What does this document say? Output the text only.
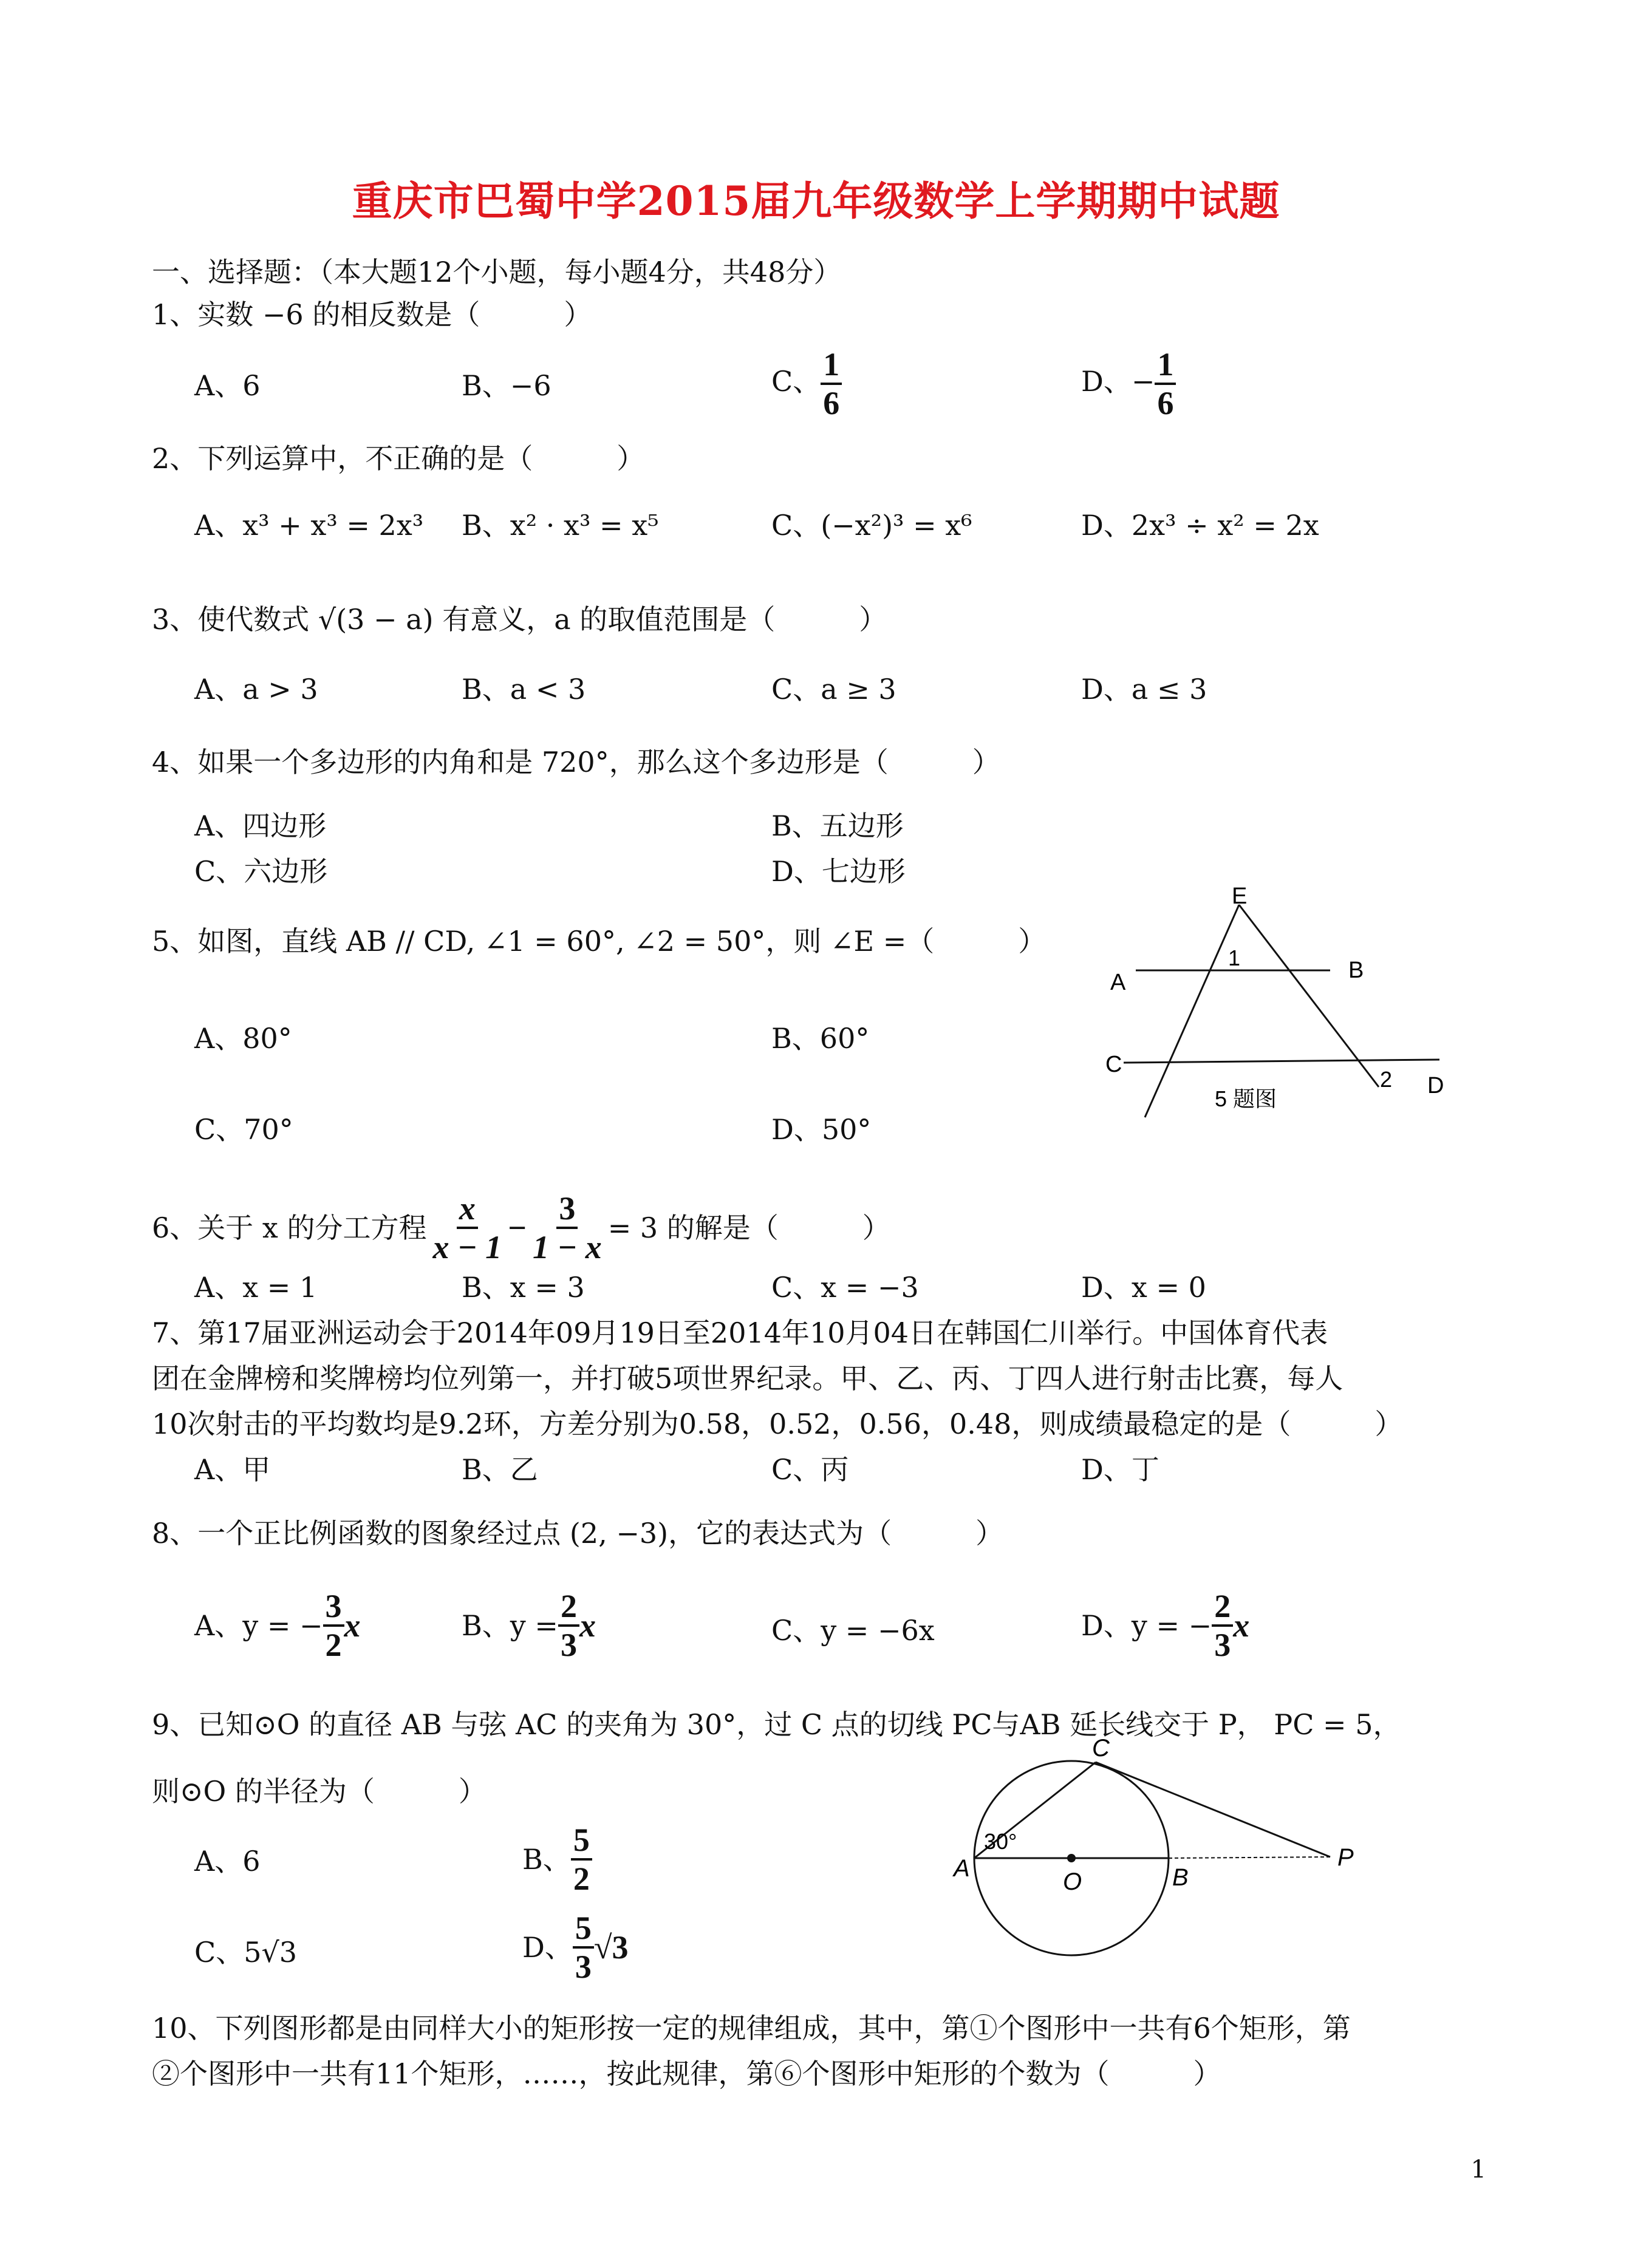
重庆市巴蜀中学2015届九年级数学上学期期中试题
一、选择题：（本大题12个小题，每小题4分，共48分）
1、实数 −6 的相反数是（　　　）
A、6	B、−6	C、 $\frac{1}{6}$	D、− $\frac{1}{6}$
2、下列运算中，不正确的是（　　　）
A、x³ + x³ = 2x³ B、x² · x³ = x⁵	C、(−x²)³ = x⁶	D、2x³ ÷ x² = 2x
3、使代数式 √(3 − a) 有意义，a 的取值范围是（　　　）
A、a > 3	B、a < 3	C、a ≥ 3	D、a ≤ 3
4、如果一个多边形的内角和是 720°，那么这个多边形是（　　　）
A、四边形	B、五边形
C、六边形	D、七边形
5、如图，直线 AB // CD, ∠1 = 60°, ∠2 = 50°，则 ∠E =（　　　）
A、80°	B、60°
C、70°	D、50°
E
A	B
C
D
1
2
5 题图
6、关于 x 的分工方程 $\frac{x}{x - 1} - \frac{3}{1 - x} = 3$ 的解是（　　　）
A、x = 1	B、x = 3	C、x = −3	D、x = 0
7、第17届亚洲运动会于2014年09月19日至2014年10月04日在韩国仁川举行。中国体育代表
团在金牌榜和奖牌榜均位列第一，并打破5项世界纪录。甲、乙、丙、丁四人进行射击比赛，每人
10次射击的平均数均是9.2环，方差分别为0.58，0.52，0.56，0.48，则成绩最稳定的是（　　　）
A、甲	B、乙	C、丙	D、丁
8、一个正比例函数的图象经过点 (2, −3)，它的表达式为（　　　）
A、y = − $\frac{3}{2}$ x	B、$y = \frac{2}{3}$ x	C、y = −6x	D、y = − $\frac{2}{3}$ x
9、已知⊙O 的直径 AB 与弦 AC 的夹角为 30°，过 C 点的切线 PC与AB 延长线交于 P， PC = 5，
则⊙O 的半径为（　　　）
A、6	B、 $\frac{5}{2}$
C、5√3	D、 $\frac{5}{3} √3$
C
A	O	B
P
30°
10、下列图形都是由同样大小的矩形按一定的规律组成，其中，第①个图形中一共有6个矩形，第
②个图形中一共有11个矩形，……，按此规律，第⑥个图形中矩形的个数为（　　　）
1
